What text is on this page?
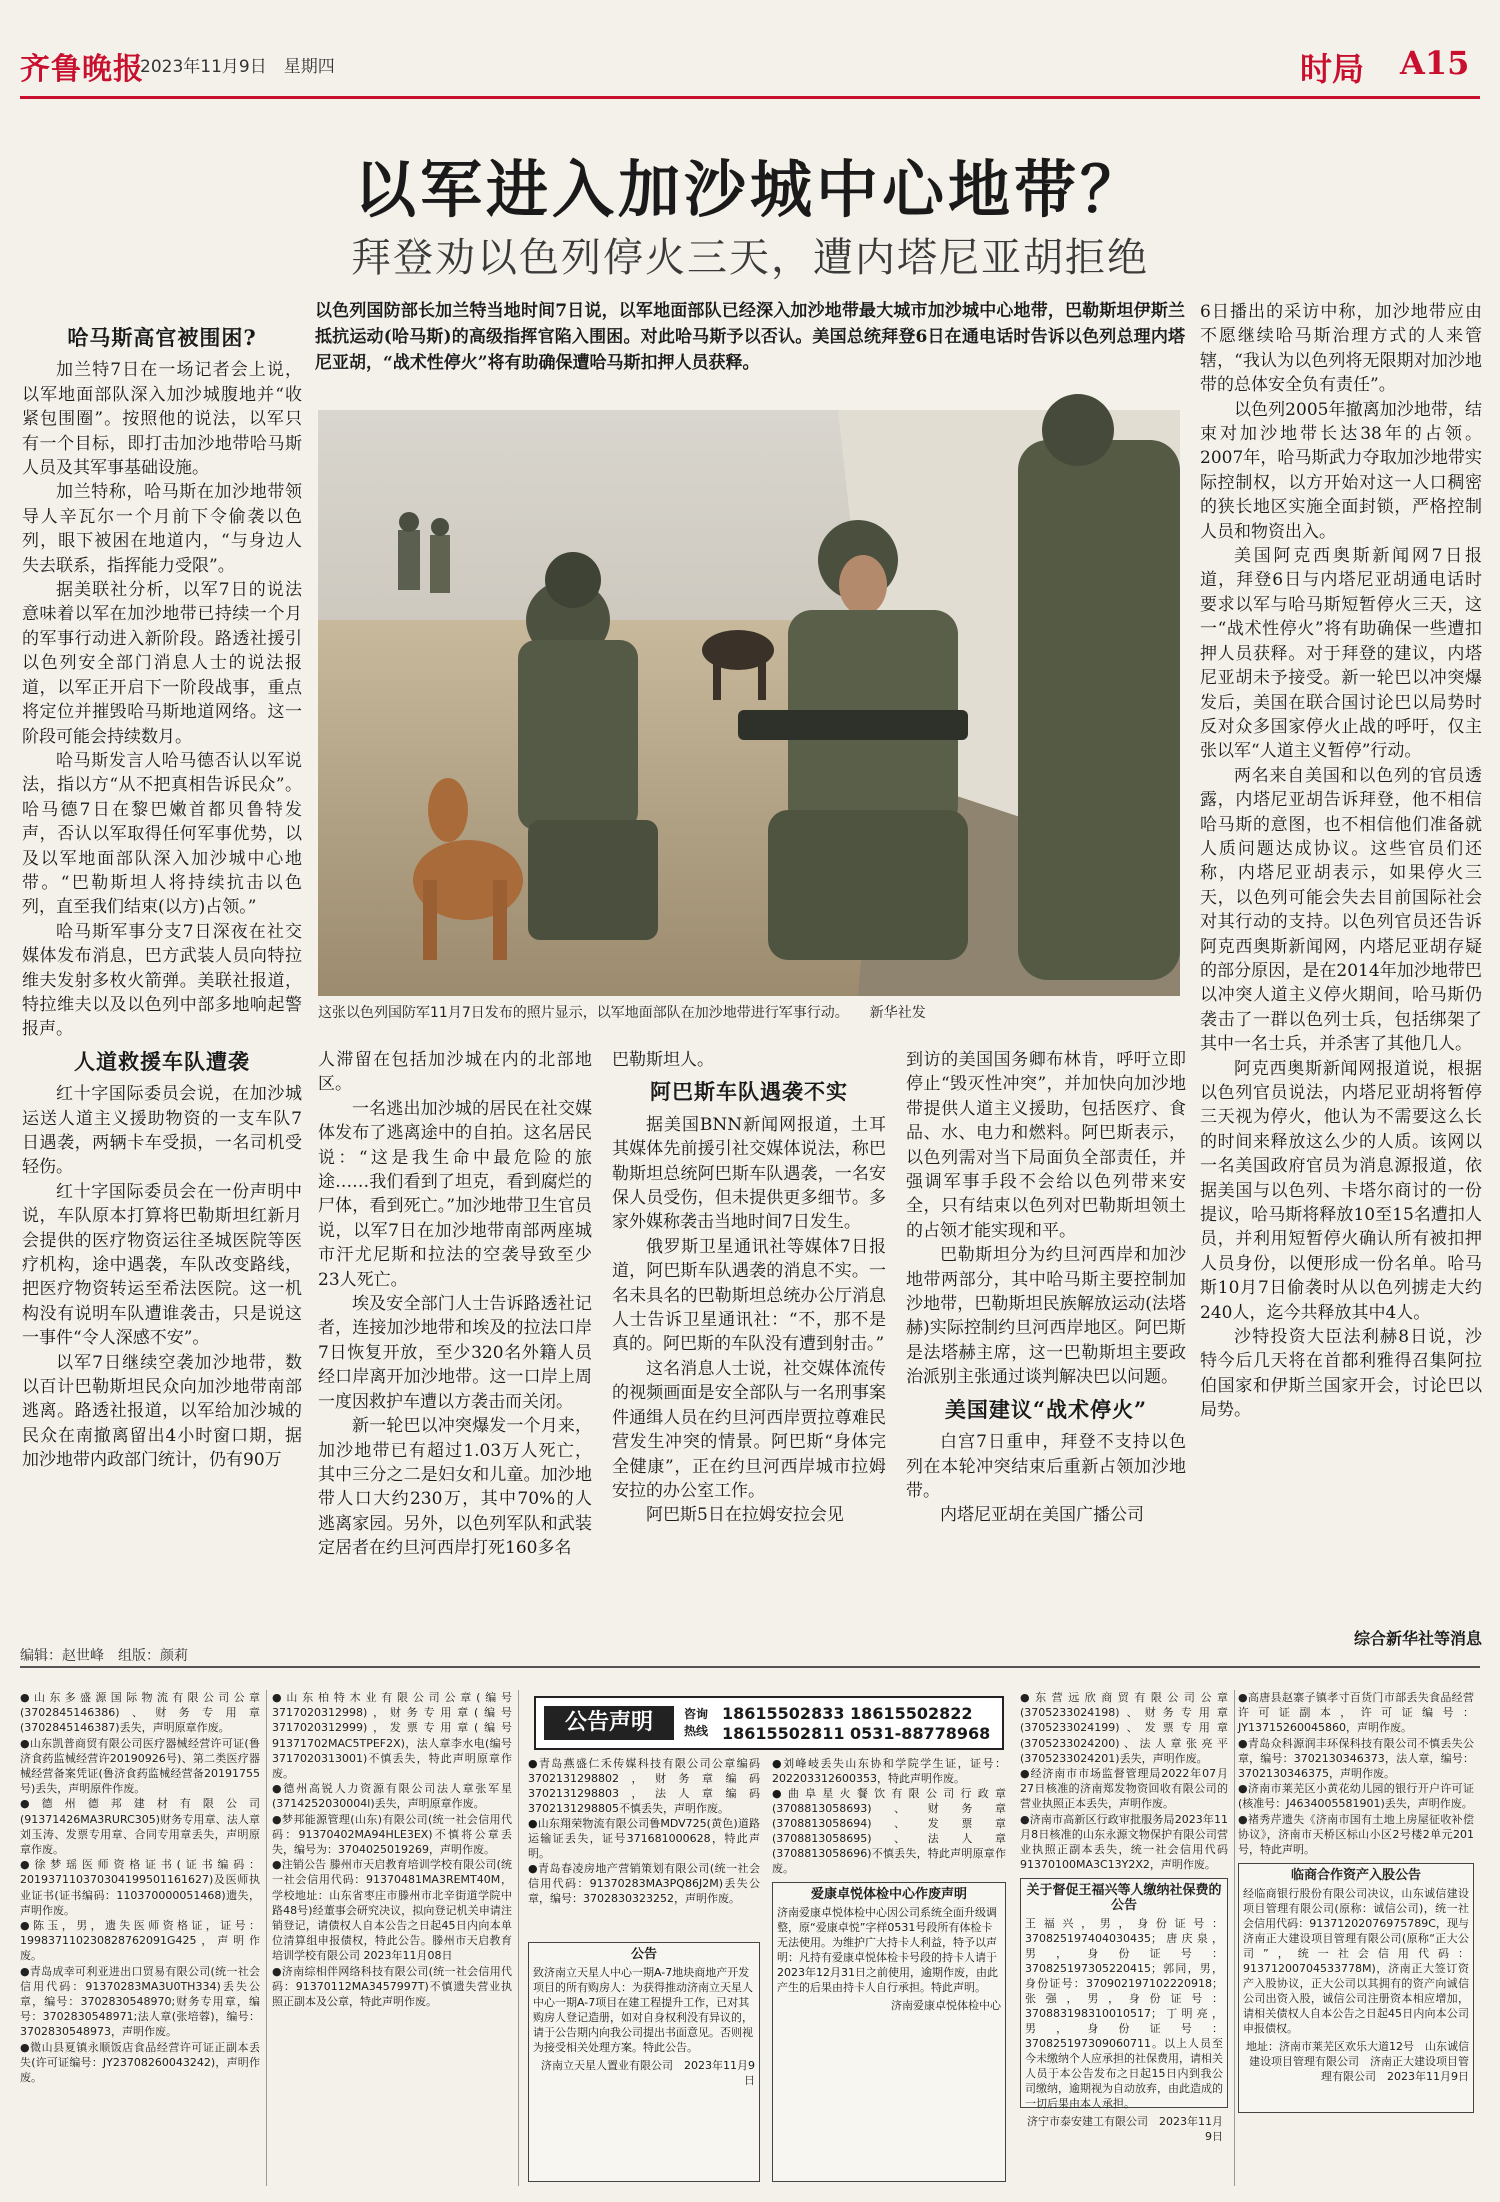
齐鲁晚报
2023年11月9日　星期四	时局 A15
以军进入加沙城中心地带？
拜登劝以色列停火三天，遭内塔尼亚胡拒绝
以色列国防部长加兰特当地时间7日说，以军地面部队已经深入加沙地带最大城市加沙城中心地带，巴勒斯坦伊斯兰抵抗运动(哈马斯)的高级指挥官陷入围困。对此哈马斯予以否认。美国总统拜登6日在通电话时告诉以色列总理内塔尼亚胡，“战术性停火”将有助确保遭哈马斯扣押人员获释。
哈马斯高官被围困?

加兰特7日在一场记者会上说，以军地面部队深入加沙城腹地并“收紧包围圈”。按照他的说法，以军只有一个目标，即打击加沙地带哈马斯人员及其军事基础设施。

加兰特称，哈马斯在加沙地带领导人辛瓦尔一个月前下令偷袭以色列，眼下被困在地道内，“与身边人失去联系，指挥能力受限”。

据美联社分析，以军7日的说法意味着以军在加沙地带已持续一个月的军事行动进入新阶段。路透社援引以色列安全部门消息人士的说法报道，以军正开启下一阶段战事，重点将定位并摧毁哈马斯地道网络。这一阶段可能会持续数月。

哈马斯发言人哈马德否认以军说法，指以方“从不把真相告诉民众”。哈马德7日在黎巴嫩首都贝鲁特发声，否认以军取得任何军事优势，以及以军地面部队深入加沙城中心地带。“巴勒斯坦人将持续抗击以色列，直至我们结束(以方)占领。”

哈马斯军事分支7日深夜在社交媒体发布消息，巴方武装人员向特拉维夫发射多枚火箭弹。美联社报道，特拉维夫以及以色列中部多地响起警报声。

人道救援车队遭袭

红十字国际委员会说，在加沙城运送人道主义援助物资的一支车队7日遇袭，两辆卡车受损，一名司机受轻伤。

红十字国际委员会在一份声明中说，车队原本打算将巴勒斯坦红新月会提供的医疗物资运往圣城医院等医疗机构，途中遇袭，车队改变路线，把医疗物资转运至希法医院。这一机构没有说明车队遭谁袭击，只是说这一事件“令人深感不安”。

以军7日继续空袭加沙地带，数以百计巴勒斯坦民众向加沙地带南部逃离。路透社报道，以军给加沙城的民众在南撤离留出4小时窗口期，据加沙地带内政部门统计，仍有90万

这张以色列国防军11月7日发布的照片显示，以军地面部队在加沙地带进行军事行动。　　新华社发

人滞留在包括加沙城在内的北部地区。

一名逃出加沙城的居民在社交媒体发布了逃离途中的自拍。这名居民说：“这是我生命中最危险的旅途……我们看到了坦克，看到腐烂的尸体，看到死亡。”加沙地带卫生官员说，以军7日在加沙地带南部两座城市汗尤尼斯和拉法的空袭导致至少23人死亡。

埃及安全部门人士告诉路透社记者，连接加沙地带和埃及的拉法口岸7日恢复开放，至少320名外籍人员经口岸离开加沙地带。这一口岸上周一度因救护车遭以方袭击而关闭。

新一轮巴以冲突爆发一个月来，加沙地带已有超过1.03万人死亡，其中三分之二是妇女和儿童。加沙地带人口大约230万，其中70%的人逃离家园。另外，以色列军队和武装定居者在约旦河西岸打死160多名

巴勒斯坦人。

阿巴斯车队遇袭不实

据美国BNN新闻网报道，土耳其媒体先前援引社交媒体说法，称巴勒斯坦总统阿巴斯车队遇袭，一名安保人员受伤，但未提供更多细节。多家外媒称袭击当地时间7日发生。

俄罗斯卫星通讯社等媒体7日报道，阿巴斯车队遇袭的消息不实。一名未具名的巴勒斯坦总统办公厅消息人士告诉卫星通讯社：“不，那不是真的。阿巴斯的车队没有遭到射击。”

这名消息人士说，社交媒体流传的视频画面是安全部队与一名刑事案件通缉人员在约旦河西岸贾拉尊难民营发生冲突的情景。阿巴斯“身体完全健康”，正在约旦河西岸城市拉姆安拉的办公室工作。

阿巴斯5日在拉姆安拉会见

到访的美国国务卿布林肯，呼吁立即停止“毁灭性冲突”，并加快向加沙地带提供人道主义援助，包括医疗、食品、水、电力和燃料。阿巴斯表示，以色列需对当下局面负全部责任，并强调军事手段不会给以色列带来安全，只有结束以色列对巴勒斯坦领土的占领才能实现和平。

巴勒斯坦分为约旦河西岸和加沙地带两部分，其中哈马斯主要控制加沙地带，巴勒斯坦民族解放运动(法塔赫)实际控制约旦河西岸地区。阿巴斯是法塔赫主席，这一巴勒斯坦主要政治派别主张通过谈判解决巴以问题。

美国建议“战术停火”

白宫7日重申，拜登不支持以色列在本轮冲突结束后重新占领加沙地带。

内塔尼亚胡在美国广播公司

6日播出的采访中称，加沙地带应由不愿继续哈马斯治理方式的人来管辖，“我认为以色列将无限期对加沙地带的总体安全负有责任”。

以色列2005年撤离加沙地带，结束对加沙地带长达38年的占领。2007年，哈马斯武力夺取加沙地带实际控制权，以方开始对这一人口稠密的狭长地区实施全面封锁，严格控制人员和物资出入。

美国阿克西奥斯新闻网7日报道，拜登6日与内塔尼亚胡通电话时要求以军与哈马斯短暂停火三天，这一“战术性停火”将有助确保一些遭扣押人员获释。对于拜登的建议，内塔尼亚胡未予接受。新一轮巴以冲突爆发后，美国在联合国讨论巴以局势时反对众多国家停火止战的呼吁，仅主张以军“人道主义暂停”行动。

两名来自美国和以色列的官员透露，内塔尼亚胡告诉拜登，他不相信哈马斯的意图，也不相信他们准备就人质问题达成协议。这些官员们还称，内塔尼亚胡表示，如果停火三天，以色列可能会失去目前国际社会对其行动的支持。以色列官员还告诉阿克西奥斯新闻网，内塔尼亚胡存疑的部分原因，是在2014年加沙地带巴以冲突人道主义停火期间，哈马斯仍袭击了一群以色列士兵，包括绑架了其中一名士兵，并杀害了其他几人。

阿克西奥斯新闻网报道说，根据以色列官员说法，内塔尼亚胡将暂停三天视为停火，他认为不需要这么长的时间来释放这么少的人质。该网以一名美国政府官员为消息源报道，依据美国与以色列、卡塔尔商讨的一份提议，哈马斯将释放10至15名遭扣人员，并利用短暂停火确认所有被扣押人员身份，以便形成一份名单。哈马斯10月7日偷袭时从以色列掳走大约240人，迄今共释放其中4人。

沙特投资大臣法利赫8日说，沙特今后几天将在首都利雅得召集阿拉伯国家和伊斯兰国家开会，讨论巴以局势。

综合新华社等消息
编辑：赵世峰　组版：颜莉

●山东多盛源国际物流有限公司公章(3702845146386)、财务专用章(3702845146387)丢失，声明原章作废。

●山东凯普商贸有限公司医疗器械经营许可证(鲁济食药监械经营许20190926号)、第二类医疗器械经营备案凭证(鲁济食药监械经营备20191755号)丢失，声明原件作废。

●德州德邦建材有限公司(91371426MA3RURC305)财务专用章、法人章刘玉涛、发票专用章、合同专用章丢失，声明原章作废。

●徐梦瑶医师资格证书(证书编码：201937110370304199501161627)及医师执业证书(证书编码：110370000051468)遗失，声明作废。

●陈玉，男，遗失医师资格证，证号：199837110230828762091G425，声明作废。

●青岛成幸可利亚进出口贸易有限公司(统一社会信用代码：91370283MA3U0TH334)丢失公章，编号：3702830548970;财务专用章，编号：3702830548971;法人章(张培蓉)，编号：3702830548973，声明作废。

●微山县夏镇永顺饭店食品经营许可证正副本丢失(许可证编号：JY23708260043242)，声明作废。

●山东柏特木业有限公司公章(编号3717020312998)，财务专用章(编号3717020312999)，发票专用章(编号91371702MAC5TPEF2X)，法人章李水电(编号3717020313001)不慎丢失，特此声明原章作废。

●德州高锐人力资源有限公司法人章张军星(3714252030004l)丢失，声明原章作废。

●梦邦能源管理(山东)有限公司(统一社会信用代码：91370402MA94HLE3EX)不慎将公章丢失，编号为：3704025019269，声明作废。

●注销公告 滕州市天启教育培训学校有限公司(统一社会信用代码：91370481MA3REMT40M，学校地址：山东省枣庄市滕州市北辛街道学院中路48号)经董事会研究决议，拟向登记机关申请注销登记，请债权人自本公告之日起45日内向本单位清算组申报债权，特此公告。滕州市天启教育培训学校有限公司 2023年11月08日

●济南综相伴网络科技有限公司(统一社会信用代码：91370112MA3457997T)不慎遗失营业执照正副本及公章，特此声明作废。

公告声明	咨询热线
18615502833 18615502822
18615502811 0531-88778968

●青岛燕盛仁禾传媒科技有限公司公章编码3702131298802，财务章编码3702131298803，法人章编码3702131298805不慎丢失，声明作废。

●山东翔荣物流有限公司鲁MDV725(黄色)道路运输证丢失，证号371681000628，特此声明。

●青岛春凌房地产营销策划有限公司(统一社会信用代码：91370283MA3PQ86J2M)丢失公章，编号：3702830323252，声明作废。

公告
致济南立天星人中心一期A-7地块商地产开发项目的所有购房人：为获得推动济南立天星人中心一期A-7项目在建工程提升工作，已对其购房人登记造册，如对自身权利没有异议的，请于公告期内向我公司提出书面意见。否则视为接受相关处理方案。特此公告。
济南立天星人置业有限公司　2023年11月9日

●刘峰岐丢失山东协和学院学生证，证号：202203312600353，特此声明作废。

●曲阜星火餐饮有限公司行政章(3708813058693)、财务章(3708813058694)、发票章(3708813058695)、法人章(3708813058696)不慎丢失，特此声明原章作废。

爱康卓悦体检中心作废声明
济南爱康卓悦体检中心因公司系统全面升级调整，原“爱康卓悦”字样0531号段所有体检卡无法使用。为维护广大持卡人利益，特予以声明：凡持有爱康卓悦体检卡号段的持卡人请于2023年12月31日之前使用，逾期作废，由此产生的后果由持卡人自行承担。特此声明。
济南爱康卓悦体检中心

●东营远欣商贸有限公司公章(3705233024198)、财务专用章(3705233024199)、发票专用章(3705233024200)、法人章张亮平(3705233024201)丢失，声明作废。

●经济南市市场监督管理局2022年07月27日核准的济南郑发物资回收有限公司的营业执照正本丢失，声明作废。

●济南市高新区行政审批服务局2023年11月8日核准的山东永源文物保护有限公司营业执照正副本丢失，统一社会信用代码91370100MA3C13Y2X2，声明作废。

关于督促王福兴等人缴纳社保费的公告
王福兴，男，身份证号：370825197404030435；唐庆泉，男，身份证号：370825197305220415；郭同，男，身份证号：370902197102220918；张强，男，身份证号：370883198310010517；丁明亮，男，身份证号：370825197309060711。以上人员至今未缴纳个人应承担的社保费用，请相关人员于本公告发布之日起15日内到我公司缴纳，逾期视为自动放弃，由此造成的一切后果由本人承担。
济宁市泰安建工有限公司　2023年11月9日

●高唐县赵寨子镇孝寸百货门市部丢失食品经营许可证副本，许可证编号：JY13715260045860，声明作废。

●青岛众科源润丰环保科技有限公司不慎丢失公章，编号：3702130346373，法人章，编号：3702130346375，声明作废。

●济南市莱芜区小黄花幼儿园的银行开户许可证(核准号：J4634005581901)丢失，声明作废。

●褚秀芹遗失《济南市国有土地上房屋征收补偿协议》，济南市天桥区标山小区2号楼2单元201号，特此声明。

临商合作资产入股公告
经临商银行股份有限公司决议，山东诚信建设项目管理有限公司(原称：诚信公司)，统一社会信用代码：91371202076975789C，现与济南正大建设项目管理有限公司(原称“正大公司”，统一社会信用代码：91371200704533778M)，济南正大签订资产入股协议，正大公司以其拥有的资产向诚信公司出资入股，诚信公司注册资本相应增加，请相关债权人自本公告之日起45日内向本公司申报债权。
地址：济南市莱芜区欢乐大道12号　山东诚信建设项目管理有限公司　济南正大建设项目管理有限公司　2023年11月9日
